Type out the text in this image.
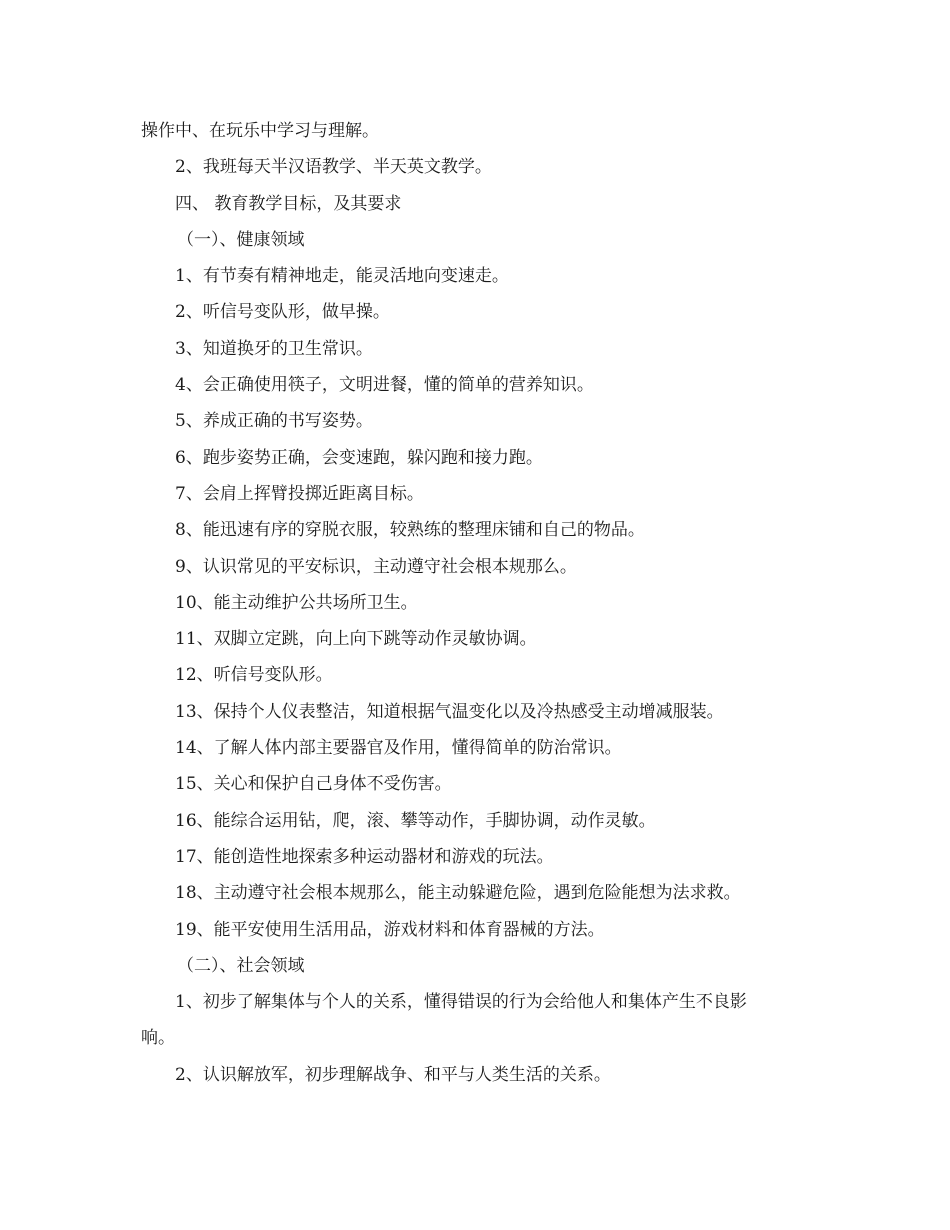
操作中、在玩乐中学习与理解。
2、我班每天半汉语教学、半天英文教学。
四、 教育教学目标，及其要求
（一）、健康领域
1、有节奏有精神地走，能灵活地向变速走。
2、听信号变队形，做早操。
3、知道换牙的卫生常识。
4、会正确使用筷子，文明进餐，懂的简单的营养知识。
5、养成正确的书写姿势。
6、跑步姿势正确，会变速跑，躲闪跑和接力跑。
7、会肩上挥臂投掷近距离目标。
8、能迅速有序的穿脱衣服，较熟练的整理床铺和自己的物品。
9、认识常见的平安标识，主动遵守社会根本规那么。
10、能主动维护公共场所卫生。
11、双脚立定跳，向上向下跳等动作灵敏协调。
12、听信号变队形。
13、保持个人仪表整洁，知道根据气温变化以及冷热感受主动增减服装。
14、了解人体内部主要器官及作用，懂得简单的防治常识。
15、关心和保护自己身体不受伤害。
16、能综合运用钻，爬，滚、攀等动作，手脚协调，动作灵敏。
17、能创造性地探索多种运动器材和游戏的玩法。
18、主动遵守社会根本规那么，能主动躲避危险，遇到危险能想为法求救。
19、能平安使用生活用品，游戏材料和体育器械的方法。
（二）、社会领域
1、初步了解集体与个人的关系，懂得错误的行为会给他人和集体产生不良影
响。
2、认识解放军，初步理解战争、和平与人类生活的关系。
